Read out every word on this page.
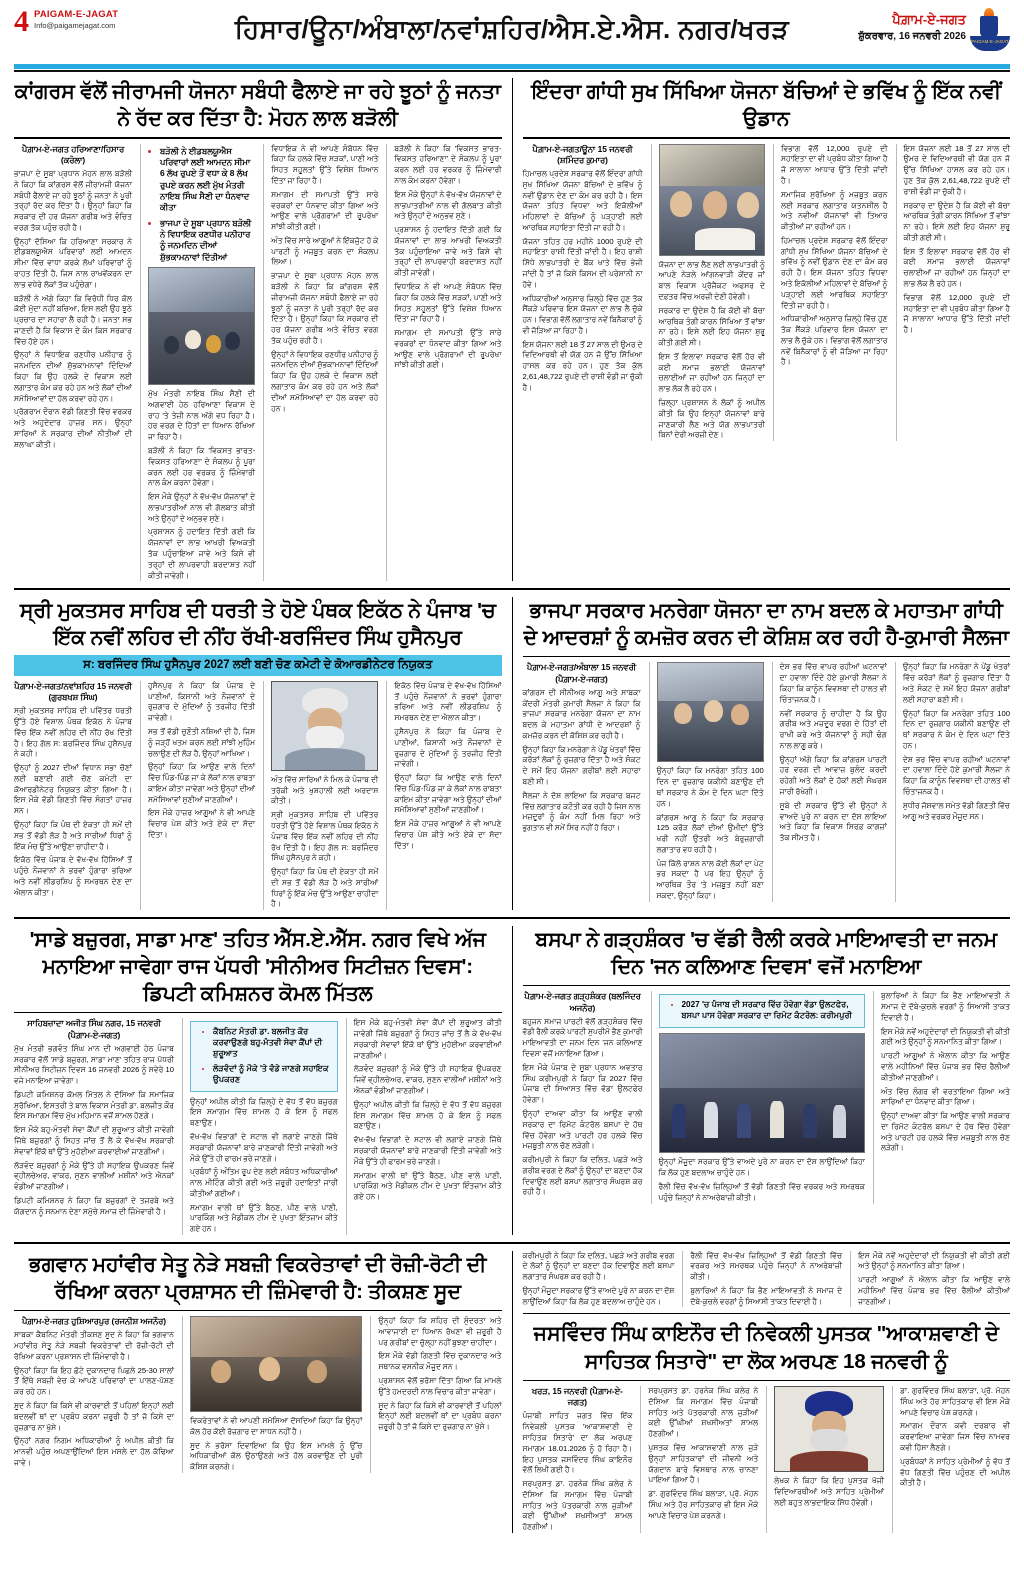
4 PAIGAM-E-JAGAT
Info@paigamejagat.com	ਹਿਸਾਰ/ਊਨਾ/ਅੰਬਾਲਾ/ਨਵਾਂਸ਼ਹਿਰ/ਐਸ.ਏ.ਐਸ. ਨਗਰ/ਖਰੜ	ਪੈਗ਼ਾਮ-ਏ-ਜਗਤ
ਸ਼ੁੱਕਰਵਾਰ, 16 ਜਨਵਰੀ 2026 PAIGAM-E-JAGAT
ਕਾਂਗਰਸ ਵੱਲੋਂ ਜੀਰਾਮਜੀ ਯੋਜਨਾ ਸਬੰਧੀ ਫੈਲਾਏ ਜਾ ਰਹੇ ਝੂਠਾਂ ਨੂੰ ਜਨਤਾ ਨੇ ਰੱਦ ਕਰ ਦਿੱਤਾ ਹੈ: ਮੋਹਨ ਲਾਲ ਬੜੋਲੀ
ਪੈਗ਼ਾਮ-ਏ-ਜਗਤ ਹਰਿਆਣਾ/ਹਿਸਾਰ (ਕਰੋਲਾ)
ਭਾਜਪਾ ਦੇ ਸੂਬਾ ਪ੍ਰਧਾਨ ਮੋਹਨ ਲਾਲ ਬੜੋਲੀ ਨੇ ਕਿਹਾ ਕਿ ਕਾਂਗਰਸ ਵੱਲੋਂ ਜੀਰਾਮਜੀ ਯੋਜਨਾ ਸਬੰਧੀ ਫੈਲਾਏ ਜਾ ਰਹੇ ਝੂਠਾਂ ਨੂੰ ਜਨਤਾ ਨੇ ਪੂਰੀ ਤਰ੍ਹਾਂ ਰੱਦ ਕਰ ਦਿੱਤਾ ਹੈ। ਉਨ੍ਹਾਂ ਕਿਹਾ ਕਿ ਸਰਕਾਰ ਦੀ ਹਰ ਯੋਜਨਾ ਗਰੀਬ ਅਤੇ ਵੰਚਿਤ ਵਰਗ ਤੱਕ ਪਹੁੰਚ ਰਹੀ ਹੈ।
ਉਨ੍ਹਾਂ ਦੱਸਿਆ ਕਿ ਹਰਿਆਣਾ ਸਰਕਾਰ ਨੇ ਈਡਬਲਯੂਐਸ ਪਰਿਵਾਰਾਂ ਲਈ ਆਮਦਨ ਸੀਮਾ ਵਿੱਚ ਵਾਧਾ ਕਰਕੇ ਲੱਖਾਂ ਪਰਿਵਾਰਾਂ ਨੂੰ ਰਾਹਤ ਦਿੱਤੀ ਹੈ, ਜਿਸ ਨਾਲ ਰਾਖਵੇਂਕਰਨ ਦਾ ਲਾਭ ਵਧੇਰੇ ਲੋਕਾਂ ਤੱਕ ਪਹੁੰਚੇਗਾ।
ਬੜੋਲੀ ਨੇ ਅੱਗੇ ਕਿਹਾ ਕਿ ਵਿਰੋਧੀ ਧਿਰ ਕੋਲ ਕੋਈ ਮੁੱਦਾ ਨਹੀਂ ਬਚਿਆ, ਇਸ ਲਈ ਉਹ ਝੂਠੇ ਪ੍ਰਚਾਰ ਦਾ ਸਹਾਰਾ ਲੈ ਰਹੀ ਹੈ। ਜਨਤਾ ਸਭ ਜਾਣਦੀ ਹੈ ਕਿ ਵਿਕਾਸ ਦੇ ਕੰਮ ਕਿਸ ਸਰਕਾਰ ਵਿੱਚ ਹੋਏ ਹਨ।
ਉਨ੍ਹਾਂ ਨੇ ਵਿਧਾਇਕ ਰਣਧੀਰ ਪਨੀਹਾਰ ਨੂੰ ਜਨਮਦਿਨ ਦੀਆਂ ਸ਼ੁੱਭਕਾਮਨਾਵਾਂ ਦਿੰਦਿਆਂ ਕਿਹਾ ਕਿ ਉਹ ਹਲਕੇ ਦੇ ਵਿਕਾਸ ਲਈ ਲਗਾਤਾਰ ਕੰਮ ਕਰ ਰਹੇ ਹਨ ਅਤੇ ਲੋਕਾਂ ਦੀਆਂ ਸਮੱਸਿਆਵਾਂ ਦਾ ਹੱਲ ਕਰਵਾ ਰਹੇ ਹਨ।
ਪ੍ਰੋਗਰਾਮ ਦੌਰਾਨ ਵੱਡੀ ਗਿਣਤੀ ਵਿੱਚ ਵਰਕਰ ਅਤੇ ਅਹੁਦੇਦਾਰ ਹਾਜ਼ਰ ਸਨ। ਉਨ੍ਹਾਂ ਸਾਰਿਆਂ ਨੇ ਸਰਕਾਰ ਦੀਆਂ ਨੀਤੀਆਂ ਦੀ ਸ਼ਲਾਘਾ ਕੀਤੀ।
• ਬੜੋਲੀ ਨੇ ਈਡਬਲਯੂਐਸ ਪਰਿਵਾਰਾਂ ਲਈ ਆਮਦਨ ਸੀਮਾ 6 ਲੱਖ ਰੁਪਏ ਤੋਂ ਵਧਾ ਕੇ 8 ਲੱਖ ਰੁਪਏ ਕਰਨ ਲਈ ਮੁੱਖ ਮੰਤਰੀ ਨਾਇਬ ਸਿੰਘ ਸੈਣੀ ਦਾ ਧੰਨਵਾਦ ਕੀਤਾ
• ਭਾਜਪਾ ਦੇ ਸੂਬਾ ਪ੍ਰਧਾਨ ਬੜੋਲੀ ਨੇ ਵਿਧਾਇਕ ਰਣਧੀਰ ਪਨੀਹਾਰ ਨੂੰ ਜਨਮਦਿਨ ਦੀਆਂ ਸ਼ੁੱਭਕਾਮਨਾਵਾਂ ਦਿੱਤੀਆਂ
ਮੁੱਖ ਮੰਤਰੀ ਨਾਇਬ ਸਿੰਘ ਸੈਣੀ ਦੀ ਅਗਵਾਈ ਹੇਠ ਹਰਿਆਣਾ ਵਿਕਾਸ ਦੇ ਰਾਹ 'ਤੇ ਤੇਜ਼ੀ ਨਾਲ ਅੱਗੇ ਵਧ ਰਿਹਾ ਹੈ। ਹਰ ਵਰਗ ਦੇ ਹਿੱਤਾਂ ਦਾ ਧਿਆਨ ਰੱਖਿਆ ਜਾ ਰਿਹਾ ਹੈ।
ਬੜੋਲੀ ਨੇ ਕਿਹਾ ਕਿ 'ਵਿਕਸਤ ਭਾਰਤ-ਵਿਕਸਤ ਹਰਿਆਣਾ' ਦੇ ਸੰਕਲਪ ਨੂੰ ਪੂਰਾ ਕਰਨ ਲਈ ਹਰ ਵਰਕਰ ਨੂੰ ਜ਼ਿੰਮੇਵਾਰੀ ਨਾਲ ਕੰਮ ਕਰਨਾ ਹੋਵੇਗਾ।
ਇਸ ਮੌਕੇ ਉਨ੍ਹਾਂ ਨੇ ਵੱਖ-ਵੱਖ ਯੋਜਨਾਵਾਂ ਦੇ ਲਾਭਪਾਤਰੀਆਂ ਨਾਲ ਵੀ ਗੱਲਬਾਤ ਕੀਤੀ ਅਤੇ ਉਨ੍ਹਾਂ ਦੇ ਅਨੁਭਵ ਸੁਣੇ।
ਪ੍ਰਸ਼ਾਸਨ ਨੂੰ ਹਦਾਇਤ ਦਿੱਤੀ ਗਈ ਕਿ ਯੋਜਨਾਵਾਂ ਦਾ ਲਾਭ ਆਖਰੀ ਵਿਅਕਤੀ ਤੱਕ ਪਹੁੰਚਾਇਆ ਜਾਵੇ ਅਤੇ ਕਿਸੇ ਵੀ ਤਰ੍ਹਾਂ ਦੀ ਲਾਪਰਵਾਹੀ ਬਰਦਾਸ਼ਤ ਨਹੀਂ ਕੀਤੀ ਜਾਵੇਗੀ।
ਵਿਧਾਇਕ ਨੇ ਵੀ ਆਪਣੇ ਸੰਬੋਧਨ ਵਿੱਚ ਕਿਹਾ ਕਿ ਹਲਕੇ ਵਿੱਚ ਸੜਕਾਂ, ਪਾਣੀ ਅਤੇ ਸਿਹਤ ਸਹੂਲਤਾਂ ਉੱਤੇ ਵਿਸ਼ੇਸ਼ ਧਿਆਨ ਦਿੱਤਾ ਜਾ ਰਿਹਾ ਹੈ।
ਸਮਾਗਮ ਦੀ ਸਮਾਪਤੀ ਉੱਤੇ ਸਾਰੇ ਵਰਕਰਾਂ ਦਾ ਧੰਨਵਾਦ ਕੀਤਾ ਗਿਆ ਅਤੇ ਆਉਣ ਵਾਲੇ ਪ੍ਰੋਗਰਾਮਾਂ ਦੀ ਰੂਪਰੇਖਾ ਸਾਂਝੀ ਕੀਤੀ ਗਈ।
ਅੰਤ ਵਿੱਚ ਸਾਰੇ ਆਗੂਆਂ ਨੇ ਇੱਕਜੁੱਟ ਹੋ ਕੇ ਪਾਰਟੀ ਨੂੰ ਮਜ਼ਬੂਤ ਕਰਨ ਦਾ ਸੰਕਲਪ ਲਿਆ।
ਭਾਜਪਾ ਦੇ ਸੂਬਾ ਪ੍ਰਧਾਨ ਮੋਹਨ ਲਾਲ ਬੜੋਲੀ ਨੇ ਕਿਹਾ ਕਿ ਕਾਂਗਰਸ ਵੱਲੋਂ ਜੀਰਾਮਜੀ ਯੋਜਨਾ ਸਬੰਧੀ ਫੈਲਾਏ ਜਾ ਰਹੇ ਝੂਠਾਂ ਨੂੰ ਜਨਤਾ ਨੇ ਪੂਰੀ ਤਰ੍ਹਾਂ ਰੱਦ ਕਰ ਦਿੱਤਾ ਹੈ। ਉਨ੍ਹਾਂ ਕਿਹਾ ਕਿ ਸਰਕਾਰ ਦੀ ਹਰ ਯੋਜਨਾ ਗਰੀਬ ਅਤੇ ਵੰਚਿਤ ਵਰਗ ਤੱਕ ਪਹੁੰਚ ਰਹੀ ਹੈ।
ਉਨ੍ਹਾਂ ਨੇ ਵਿਧਾਇਕ ਰਣਧੀਰ ਪਨੀਹਾਰ ਨੂੰ ਜਨਮਦਿਨ ਦੀਆਂ ਸ਼ੁੱਭਕਾਮਨਾਵਾਂ ਦਿੰਦਿਆਂ ਕਿਹਾ ਕਿ ਉਹ ਹਲਕੇ ਦੇ ਵਿਕਾਸ ਲਈ ਲਗਾਤਾਰ ਕੰਮ ਕਰ ਰਹੇ ਹਨ ਅਤੇ ਲੋਕਾਂ ਦੀਆਂ ਸਮੱਸਿਆਵਾਂ ਦਾ ਹੱਲ ਕਰਵਾ ਰਹੇ ਹਨ।
ਬੜੋਲੀ ਨੇ ਕਿਹਾ ਕਿ 'ਵਿਕਸਤ ਭਾਰਤ-ਵਿਕਸਤ ਹਰਿਆਣਾ' ਦੇ ਸੰਕਲਪ ਨੂੰ ਪੂਰਾ ਕਰਨ ਲਈ ਹਰ ਵਰਕਰ ਨੂੰ ਜ਼ਿੰਮੇਵਾਰੀ ਨਾਲ ਕੰਮ ਕਰਨਾ ਹੋਵੇਗਾ।
ਇਸ ਮੌਕੇ ਉਨ੍ਹਾਂ ਨੇ ਵੱਖ-ਵੱਖ ਯੋਜਨਾਵਾਂ ਦੇ ਲਾਭਪਾਤਰੀਆਂ ਨਾਲ ਵੀ ਗੱਲਬਾਤ ਕੀਤੀ ਅਤੇ ਉਨ੍ਹਾਂ ਦੇ ਅਨੁਭਵ ਸੁਣੇ।
ਪ੍ਰਸ਼ਾਸਨ ਨੂੰ ਹਦਾਇਤ ਦਿੱਤੀ ਗਈ ਕਿ ਯੋਜਨਾਵਾਂ ਦਾ ਲਾਭ ਆਖਰੀ ਵਿਅਕਤੀ ਤੱਕ ਪਹੁੰਚਾਇਆ ਜਾਵੇ ਅਤੇ ਕਿਸੇ ਵੀ ਤਰ੍ਹਾਂ ਦੀ ਲਾਪਰਵਾਹੀ ਬਰਦਾਸ਼ਤ ਨਹੀਂ ਕੀਤੀ ਜਾਵੇਗੀ।
ਵਿਧਾਇਕ ਨੇ ਵੀ ਆਪਣੇ ਸੰਬੋਧਨ ਵਿੱਚ ਕਿਹਾ ਕਿ ਹਲਕੇ ਵਿੱਚ ਸੜਕਾਂ, ਪਾਣੀ ਅਤੇ ਸਿਹਤ ਸਹੂਲਤਾਂ ਉੱਤੇ ਵਿਸ਼ੇਸ਼ ਧਿਆਨ ਦਿੱਤਾ ਜਾ ਰਿਹਾ ਹੈ।
ਸਮਾਗਮ ਦੀ ਸਮਾਪਤੀ ਉੱਤੇ ਸਾਰੇ ਵਰਕਰਾਂ ਦਾ ਧੰਨਵਾਦ ਕੀਤਾ ਗਿਆ ਅਤੇ ਆਉਣ ਵਾਲੇ ਪ੍ਰੋਗਰਾਮਾਂ ਦੀ ਰੂਪਰੇਖਾ ਸਾਂਝੀ ਕੀਤੀ ਗਈ।
ਇੰਦਰਾ ਗਾਂਧੀ ਸੁਖ ਸਿੱਖਿਆ ਯੋਜਨਾ ਬੱਚਿਆਂ ਦੇ ਭਵਿੱਖ ਨੂੰ ਇੱਕ ਨਵੀਂ ਉਡਾਨ
ਪੈਗ਼ਾਮ-ਏ-ਜਗਤ/ਊਨਾ 15 ਜਨਵਰੀ (ਸ਼ਮਿੰਦਰ ਕੁਮਾਰ)
ਹਿਮਾਚਲ ਪ੍ਰਦੇਸ਼ ਸਰਕਾਰ ਵੱਲੋਂ ਇੰਦਰਾ ਗਾਂਧੀ ਸੁਖ ਸਿੱਖਿਆ ਯੋਜਨਾ ਬੱਚਿਆਂ ਦੇ ਭਵਿੱਖ ਨੂੰ ਨਵੀਂ ਉਡਾਨ ਦੇਣ ਦਾ ਕੰਮ ਕਰ ਰਹੀ ਹੈ। ਇਸ ਯੋਜਨਾ ਤਹਿਤ ਵਿਧਵਾ ਅਤੇ ਇਕੱਲੀਆਂ ਮਹਿਲਾਵਾਂ ਦੇ ਬੱਚਿਆਂ ਨੂੰ ਪੜ੍ਹਾਈ ਲਈ ਆਰਥਿਕ ਸਹਾਇਤਾ ਦਿੱਤੀ ਜਾ ਰਹੀ ਹੈ।
ਯੋਜਨਾ ਤਹਿਤ ਹਰ ਮਹੀਨੇ 1000 ਰੁਪਏ ਦੀ ਸਹਾਇਤਾ ਰਾਸ਼ੀ ਦਿੱਤੀ ਜਾਂਦੀ ਹੈ। ਇਹ ਰਾਸ਼ੀ ਸਿੱਧੇ ਲਾਭਪਾਤਰੀ ਦੇ ਬੈਂਕ ਖਾਤੇ ਵਿੱਚ ਭੇਜੀ ਜਾਂਦੀ ਹੈ ਤਾਂ ਜੋ ਕਿਸੇ ਕਿਸਮ ਦੀ ਪਰੇਸ਼ਾਨੀ ਨਾ ਹੋਵੇ।
ਅਧਿਕਾਰੀਆਂ ਅਨੁਸਾਰ ਜ਼ਿਲ੍ਹੇ ਵਿੱਚ ਹੁਣ ਤੱਕ ਸੈਂਕੜੇ ਪਰਿਵਾਰ ਇਸ ਯੋਜਨਾ ਦਾ ਲਾਭ ਲੈ ਚੁੱਕੇ ਹਨ। ਵਿਭਾਗ ਵੱਲੋਂ ਲਗਾਤਾਰ ਨਵੇਂ ਬਿਨੈਕਾਰਾਂ ਨੂੰ ਵੀ ਜੋੜਿਆ ਜਾ ਰਿਹਾ ਹੈ।
ਇਸ ਯੋਜਨਾ ਲਈ 18 ਤੋਂ 27 ਸਾਲ ਦੀ ਉਮਰ ਦੇ ਵਿਦਿਆਰਥੀ ਵੀ ਯੋਗ ਹਨ ਜੋ ਉੱਚ ਸਿੱਖਿਆ ਹਾਸਲ ਕਰ ਰਹੇ ਹਨ। ਹੁਣ ਤੱਕ ਕੁੱਲ 2,61,48,722 ਰੁਪਏ ਦੀ ਰਾਸ਼ੀ ਵੰਡੀ ਜਾ ਚੁੱਕੀ ਹੈ।
ਯੋਜਨਾ ਦਾ ਲਾਭ ਲੈਣ ਲਈ ਲਾਭਪਾਤਰੀ ਨੂੰ ਆਪਣੇ ਨੇੜਲੇ ਆਂਗਨਵਾੜੀ ਕੇਂਦਰ ਜਾਂ ਬਾਲ ਵਿਕਾਸ ਪ੍ਰੋਜੈਕਟ ਅਫਸਰ ਦੇ ਦਫ਼ਤਰ ਵਿੱਚ ਅਰਜ਼ੀ ਦੇਣੀ ਹੋਵੇਗੀ।
ਸਰਕਾਰ ਦਾ ਉਦੇਸ਼ ਹੈ ਕਿ ਕੋਈ ਵੀ ਬੱਚਾ ਆਰਥਿਕ ਤੰਗੀ ਕਾਰਨ ਸਿੱਖਿਆ ਤੋਂ ਵਾਂਝਾ ਨਾ ਰਹੇ। ਇਸੇ ਲਈ ਇਹ ਯੋਜਨਾ ਸ਼ੁਰੂ ਕੀਤੀ ਗਈ ਸੀ।
ਇਸ ਤੋਂ ਇਲਾਵਾ ਸਰਕਾਰ ਵੱਲੋਂ ਹੋਰ ਵੀ ਕਈ ਸਮਾਜ ਭਲਾਈ ਯੋਜਨਾਵਾਂ ਚਲਾਈਆਂ ਜਾ ਰਹੀਆਂ ਹਨ ਜਿਨ੍ਹਾਂ ਦਾ ਲਾਭ ਲੋਕ ਲੈ ਰਹੇ ਹਨ।
ਜ਼ਿਲ੍ਹਾ ਪ੍ਰਸ਼ਾਸਨ ਨੇ ਲੋਕਾਂ ਨੂੰ ਅਪੀਲ ਕੀਤੀ ਕਿ ਉਹ ਇਨ੍ਹਾਂ ਯੋਜਨਾਵਾਂ ਬਾਰੇ ਜਾਣਕਾਰੀ ਲੈਣ ਅਤੇ ਯੋਗ ਲਾਭਪਾਤਰੀ ਬਿਨਾਂ ਦੇਰੀ ਅਰਜ਼ੀ ਦੇਣ।
ਵਿਭਾਗ ਵੱਲੋਂ 12,000 ਰੁਪਏ ਦੀ ਸਹਾਇਤਾ ਦਾ ਵੀ ਪ੍ਰਬੰਧ ਕੀਤਾ ਗਿਆ ਹੈ ਜੋ ਸਾਲਾਨਾ ਆਧਾਰ ਉੱਤੇ ਦਿੱਤੀ ਜਾਂਦੀ ਹੈ।
ਸਮਾਜਿਕ ਸੁਰੱਖਿਆ ਨੂੰ ਮਜ਼ਬੂਤ ਕਰਨ ਲਈ ਸਰਕਾਰ ਲਗਾਤਾਰ ਯਤਨਸ਼ੀਲ ਹੈ ਅਤੇ ਨਵੀਆਂ ਯੋਜਨਾਵਾਂ ਵੀ ਤਿਆਰ ਕੀਤੀਆਂ ਜਾ ਰਹੀਆਂ ਹਨ।
ਹਿਮਾਚਲ ਪ੍ਰਦੇਸ਼ ਸਰਕਾਰ ਵੱਲੋਂ ਇੰਦਰਾ ਗਾਂਧੀ ਸੁਖ ਸਿੱਖਿਆ ਯੋਜਨਾ ਬੱਚਿਆਂ ਦੇ ਭਵਿੱਖ ਨੂੰ ਨਵੀਂ ਉਡਾਨ ਦੇਣ ਦਾ ਕੰਮ ਕਰ ਰਹੀ ਹੈ। ਇਸ ਯੋਜਨਾ ਤਹਿਤ ਵਿਧਵਾ ਅਤੇ ਇਕੱਲੀਆਂ ਮਹਿਲਾਵਾਂ ਦੇ ਬੱਚਿਆਂ ਨੂੰ ਪੜ੍ਹਾਈ ਲਈ ਆਰਥਿਕ ਸਹਾਇਤਾ ਦਿੱਤੀ ਜਾ ਰਹੀ ਹੈ।
ਅਧਿਕਾਰੀਆਂ ਅਨੁਸਾਰ ਜ਼ਿਲ੍ਹੇ ਵਿੱਚ ਹੁਣ ਤੱਕ ਸੈਂਕੜੇ ਪਰਿਵਾਰ ਇਸ ਯੋਜਨਾ ਦਾ ਲਾਭ ਲੈ ਚੁੱਕੇ ਹਨ। ਵਿਭਾਗ ਵੱਲੋਂ ਲਗਾਤਾਰ ਨਵੇਂ ਬਿਨੈਕਾਰਾਂ ਨੂੰ ਵੀ ਜੋੜਿਆ ਜਾ ਰਿਹਾ ਹੈ।
ਇਸ ਯੋਜਨਾ ਲਈ 18 ਤੋਂ 27 ਸਾਲ ਦੀ ਉਮਰ ਦੇ ਵਿਦਿਆਰਥੀ ਵੀ ਯੋਗ ਹਨ ਜੋ ਉੱਚ ਸਿੱਖਿਆ ਹਾਸਲ ਕਰ ਰਹੇ ਹਨ। ਹੁਣ ਤੱਕ ਕੁੱਲ 2,61,48,722 ਰੁਪਏ ਦੀ ਰਾਸ਼ੀ ਵੰਡੀ ਜਾ ਚੁੱਕੀ ਹੈ।
ਸਰਕਾਰ ਦਾ ਉਦੇਸ਼ ਹੈ ਕਿ ਕੋਈ ਵੀ ਬੱਚਾ ਆਰਥਿਕ ਤੰਗੀ ਕਾਰਨ ਸਿੱਖਿਆ ਤੋਂ ਵਾਂਝਾ ਨਾ ਰਹੇ। ਇਸੇ ਲਈ ਇਹ ਯੋਜਨਾ ਸ਼ੁਰੂ ਕੀਤੀ ਗਈ ਸੀ।
ਇਸ ਤੋਂ ਇਲਾਵਾ ਸਰਕਾਰ ਵੱਲੋਂ ਹੋਰ ਵੀ ਕਈ ਸਮਾਜ ਭਲਾਈ ਯੋਜਨਾਵਾਂ ਚਲਾਈਆਂ ਜਾ ਰਹੀਆਂ ਹਨ ਜਿਨ੍ਹਾਂ ਦਾ ਲਾਭ ਲੋਕ ਲੈ ਰਹੇ ਹਨ।
ਵਿਭਾਗ ਵੱਲੋਂ 12,000 ਰੁਪਏ ਦੀ ਸਹਾਇਤਾ ਦਾ ਵੀ ਪ੍ਰਬੰਧ ਕੀਤਾ ਗਿਆ ਹੈ ਜੋ ਸਾਲਾਨਾ ਆਧਾਰ ਉੱਤੇ ਦਿੱਤੀ ਜਾਂਦੀ ਹੈ।
ਸ੍ਰੀ ਮੁਕਤਸਰ ਸਾਹਿਬ ਦੀ ਧਰਤੀ ਤੇ ਹੋਏ ਪੰਥਕ ਇਕੱਠ ਨੇ ਪੰਜਾਬ 'ਚ ਇੱਕ ਨਵੀਂ ਲਹਿਰ ਦੀ ਨੀਂਹ ਰੱਖੀ-ਬਰਜਿੰਦਰ ਸਿੰਘ ਹੁਸੈਨਪੁਰ
ਸ: ਬਰਜਿੰਦਰ ਸਿੰਘ ਹੁਸੈਨਪੁਰ 2027 ਲਈ ਬਣੀ ਚੋਣ ਕਮੇਟੀ ਦੇ ਕੋਆਰਡੀਨੇਟਰ ਨਿਯੁਕਤ
ਪੈਗ਼ਾਮ-ਏ-ਜਗਤ/ਨਵਾਂਸ਼ਹਿਰ 15 ਜਨਵਰੀ (ਗੁਰਬਖਸ਼ ਸਿੰਘ)
ਸ੍ਰੀ ਮੁਕਤਸਰ ਸਾਹਿਬ ਦੀ ਪਵਿੱਤਰ ਧਰਤੀ ਉੱਤੇ ਹੋਏ ਵਿਸ਼ਾਲ ਪੰਥਕ ਇਕੱਠ ਨੇ ਪੰਜਾਬ ਵਿੱਚ ਇੱਕ ਨਵੀਂ ਲਹਿਰ ਦੀ ਨੀਂਹ ਰੱਖ ਦਿੱਤੀ ਹੈ। ਇਹ ਗੱਲ ਸ: ਬਰਜਿੰਦਰ ਸਿੰਘ ਹੁਸੈਨਪੁਰ ਨੇ ਕਹੀ।
ਉਨ੍ਹਾਂ ਨੂੰ 2027 ਦੀਆਂ ਵਿਧਾਨ ਸਭਾ ਚੋਣਾਂ ਲਈ ਬਣਾਈ ਗਈ ਚੋਣ ਕਮੇਟੀ ਦਾ ਕੋਆਰਡੀਨੇਟਰ ਨਿਯੁਕਤ ਕੀਤਾ ਗਿਆ ਹੈ। ਇਸ ਮੌਕੇ ਵੱਡੀ ਗਿਣਤੀ ਵਿੱਚ ਸੰਗਤਾਂ ਹਾਜ਼ਰ ਸਨ।
ਉਨ੍ਹਾਂ ਕਿਹਾ ਕਿ ਪੰਥ ਦੀ ਏਕਤਾ ਹੀ ਸਮੇਂ ਦੀ ਸਭ ਤੋਂ ਵੱਡੀ ਲੋੜ ਹੈ ਅਤੇ ਸਾਰੀਆਂ ਧਿਰਾਂ ਨੂੰ ਇੱਕ ਮੰਚ ਉੱਤੇ ਆਉਣਾ ਚਾਹੀਦਾ ਹੈ।
ਇਕੱਠ ਵਿੱਚ ਪੰਜਾਬ ਦੇ ਵੱਖ-ਵੱਖ ਹਿੱਸਿਆਂ ਤੋਂ ਪਹੁੰਚੇ ਨੌਜਵਾਨਾਂ ਨੇ ਭਰਵਾਂ ਹੁੰਗਾਰਾ ਭਰਿਆ ਅਤੇ ਨਵੀਂ ਲੀਡਰਸ਼ਿਪ ਨੂੰ ਸਮਰਥਨ ਦੇਣ ਦਾ ਐਲਾਨ ਕੀਤਾ।
ਹੁਸੈਨਪੁਰ ਨੇ ਕਿਹਾ ਕਿ ਪੰਜਾਬ ਦੇ ਪਾਣੀਆਂ, ਕਿਸਾਨੀ ਅਤੇ ਨੌਜਵਾਨਾਂ ਦੇ ਰੁਜ਼ਗਾਰ ਦੇ ਮੁੱਦਿਆਂ ਨੂੰ ਤਰਜੀਹ ਦਿੱਤੀ ਜਾਵੇਗੀ।
ਸਭ ਤੋਂ ਵੱਡੀ ਚੁਣੌਤੀ ਨਸ਼ਿਆਂ ਦੀ ਹੈ, ਜਿਸ ਨੂੰ ਜੜ੍ਹੋਂ ਖਤਮ ਕਰਨ ਲਈ ਸਾਂਝੀ ਮੁਹਿੰਮ ਚਲਾਉਣ ਦੀ ਲੋੜ ਹੈ, ਉਨ੍ਹਾਂ ਆਖਿਆ।
ਉਨ੍ਹਾਂ ਕਿਹਾ ਕਿ ਆਉਣ ਵਾਲੇ ਦਿਨਾਂ ਵਿੱਚ ਪਿੰਡ-ਪਿੰਡ ਜਾ ਕੇ ਲੋਕਾਂ ਨਾਲ ਰਾਬਤਾ ਕਾਇਮ ਕੀਤਾ ਜਾਵੇਗਾ ਅਤੇ ਉਨ੍ਹਾਂ ਦੀਆਂ ਸਮੱਸਿਆਵਾਂ ਸੁਣੀਆਂ ਜਾਣਗੀਆਂ।
ਇਸ ਮੌਕੇ ਹਾਜ਼ਰ ਆਗੂਆਂ ਨੇ ਵੀ ਆਪਣੇ ਵਿਚਾਰ ਪੇਸ਼ ਕੀਤੇ ਅਤੇ ਏਕੇ ਦਾ ਸੱਦਾ ਦਿੱਤਾ।
ਅੰਤ ਵਿੱਚ ਸਾਰਿਆਂ ਨੇ ਮਿਲ ਕੇ ਪੰਜਾਬ ਦੀ ਤਰੱਕੀ ਅਤੇ ਖੁਸ਼ਹਾਲੀ ਲਈ ਅਰਦਾਸ ਕੀਤੀ।
ਸ੍ਰੀ ਮੁਕਤਸਰ ਸਾਹਿਬ ਦੀ ਪਵਿੱਤਰ ਧਰਤੀ ਉੱਤੇ ਹੋਏ ਵਿਸ਼ਾਲ ਪੰਥਕ ਇਕੱਠ ਨੇ ਪੰਜਾਬ ਵਿੱਚ ਇੱਕ ਨਵੀਂ ਲਹਿਰ ਦੀ ਨੀਂਹ ਰੱਖ ਦਿੱਤੀ ਹੈ। ਇਹ ਗੱਲ ਸ: ਬਰਜਿੰਦਰ ਸਿੰਘ ਹੁਸੈਨਪੁਰ ਨੇ ਕਹੀ।
ਉਨ੍ਹਾਂ ਕਿਹਾ ਕਿ ਪੰਥ ਦੀ ਏਕਤਾ ਹੀ ਸਮੇਂ ਦੀ ਸਭ ਤੋਂ ਵੱਡੀ ਲੋੜ ਹੈ ਅਤੇ ਸਾਰੀਆਂ ਧਿਰਾਂ ਨੂੰ ਇੱਕ ਮੰਚ ਉੱਤੇ ਆਉਣਾ ਚਾਹੀਦਾ ਹੈ।
ਇਕੱਠ ਵਿੱਚ ਪੰਜਾਬ ਦੇ ਵੱਖ-ਵੱਖ ਹਿੱਸਿਆਂ ਤੋਂ ਪਹੁੰਚੇ ਨੌਜਵਾਨਾਂ ਨੇ ਭਰਵਾਂ ਹੁੰਗਾਰਾ ਭਰਿਆ ਅਤੇ ਨਵੀਂ ਲੀਡਰਸ਼ਿਪ ਨੂੰ ਸਮਰਥਨ ਦੇਣ ਦਾ ਐਲਾਨ ਕੀਤਾ।
ਹੁਸੈਨਪੁਰ ਨੇ ਕਿਹਾ ਕਿ ਪੰਜਾਬ ਦੇ ਪਾਣੀਆਂ, ਕਿਸਾਨੀ ਅਤੇ ਨੌਜਵਾਨਾਂ ਦੇ ਰੁਜ਼ਗਾਰ ਦੇ ਮੁੱਦਿਆਂ ਨੂੰ ਤਰਜੀਹ ਦਿੱਤੀ ਜਾਵੇਗੀ।
ਉਨ੍ਹਾਂ ਕਿਹਾ ਕਿ ਆਉਣ ਵਾਲੇ ਦਿਨਾਂ ਵਿੱਚ ਪਿੰਡ-ਪਿੰਡ ਜਾ ਕੇ ਲੋਕਾਂ ਨਾਲ ਰਾਬਤਾ ਕਾਇਮ ਕੀਤਾ ਜਾਵੇਗਾ ਅਤੇ ਉਨ੍ਹਾਂ ਦੀਆਂ ਸਮੱਸਿਆਵਾਂ ਸੁਣੀਆਂ ਜਾਣਗੀਆਂ।
ਇਸ ਮੌਕੇ ਹਾਜ਼ਰ ਆਗੂਆਂ ਨੇ ਵੀ ਆਪਣੇ ਵਿਚਾਰ ਪੇਸ਼ ਕੀਤੇ ਅਤੇ ਏਕੇ ਦਾ ਸੱਦਾ ਦਿੱਤਾ।
ਭਾਜਪਾ ਸਰਕਾਰ ਮਨਰੇਗਾ ਯੋਜਨਾ ਦਾ ਨਾਮ ਬਦਲ ਕੇ ਮਹਾਤਮਾ ਗਾਂਧੀ ਦੇ ਆਦਰਸ਼ਾਂ ਨੂੰ ਕਮਜ਼ੋਰ ਕਰਨ ਦੀ ਕੋਸ਼ਿਸ਼ ਕਰ ਰਹੀ ਹੈ-ਕੁਮਾਰੀ ਸੈਲਜਾ
ਪੈਗ਼ਾਮ-ਏ-ਜਗਤ/ਅੰਬਾਲਾ 15 ਜਨਵਰੀ (ਪੈਗ਼ਾਮ-ਏ-ਜਗਤ)
ਕਾਂਗਰਸ ਦੀ ਸੀਨੀਅਰ ਆਗੂ ਅਤੇ ਸਾਬਕਾ ਕੇਂਦਰੀ ਮੰਤਰੀ ਕੁਮਾਰੀ ਸੈਲਜਾ ਨੇ ਕਿਹਾ ਕਿ ਭਾਜਪਾ ਸਰਕਾਰ ਮਨਰੇਗਾ ਯੋਜਨਾ ਦਾ ਨਾਮ ਬਦਲ ਕੇ ਮਹਾਤਮਾ ਗਾਂਧੀ ਦੇ ਆਦਰਸ਼ਾਂ ਨੂੰ ਕਮਜ਼ੋਰ ਕਰਨ ਦੀ ਕੋਸ਼ਿਸ਼ ਕਰ ਰਹੀ ਹੈ।
ਉਨ੍ਹਾਂ ਕਿਹਾ ਕਿ ਮਨਰੇਗਾ ਨੇ ਪੇਂਡੂ ਖੇਤਰਾਂ ਵਿੱਚ ਕਰੋੜਾਂ ਲੋਕਾਂ ਨੂੰ ਰੁਜ਼ਗਾਰ ਦਿੱਤਾ ਹੈ ਅਤੇ ਸੰਕਟ ਦੇ ਸਮੇਂ ਇਹ ਯੋਜਨਾ ਗਰੀਬਾਂ ਲਈ ਸਹਾਰਾ ਬਣੀ ਸੀ।
ਸੈਲਜਾ ਨੇ ਦੋਸ਼ ਲਾਇਆ ਕਿ ਸਰਕਾਰ ਬਜਟ ਵਿੱਚ ਲਗਾਤਾਰ ਕਟੌਤੀ ਕਰ ਰਹੀ ਹੈ ਜਿਸ ਨਾਲ ਮਜ਼ਦੂਰਾਂ ਨੂੰ ਕੰਮ ਨਹੀਂ ਮਿਲ ਰਿਹਾ ਅਤੇ ਭੁਗਤਾਨ ਵੀ ਸਮੇਂ ਸਿਰ ਨਹੀਂ ਹੋ ਰਿਹਾ।
ਉਨ੍ਹਾਂ ਕਿਹਾ ਕਿ ਮਨਰੇਗਾ ਤਹਿਤ 100 ਦਿਨ ਦਾ ਰੁਜ਼ਗਾਰ ਯਕੀਨੀ ਬਣਾਉਣ ਦੀ ਥਾਂ ਸਰਕਾਰ ਨੇ ਕੰਮ ਦੇ ਦਿਨ ਘਟਾ ਦਿੱਤੇ ਹਨ।
ਕਾਂਗਰਸ ਆਗੂ ਨੇ ਕਿਹਾ ਕਿ ਸਰਕਾਰ 125 ਕਰੋੜ ਲੋਕਾਂ ਦੀਆਂ ਉਮੀਦਾਂ ਉੱਤੇ ਖਰੀ ਨਹੀਂ ਉਤਰੀ ਅਤੇ ਬੇਰੁਜ਼ਗਾਰੀ ਲਗਾਤਾਰ ਵਧ ਰਹੀ ਹੈ।
ਪੰਜ ਕਿੱਲੋ ਰਾਸ਼ਨ ਨਾਲ ਕੋਈ ਲੋਕਾਂ ਦਾ ਪੇਟ ਭਰ ਸਕਦਾ ਹੈ ਪਰ ਇਹ ਉਨ੍ਹਾਂ ਨੂੰ ਆਰਥਿਕ ਤੌਰ 'ਤੇ ਮਜ਼ਬੂਤ ਨਹੀਂ ਬਣਾ ਸਕਦਾ, ਉਨ੍ਹਾਂ ਕਿਹਾ।
ਦੇਸ਼ ਭਰ ਵਿੱਚ ਵਾਪਰ ਰਹੀਆਂ ਘਟਨਾਵਾਂ ਦਾ ਹਵਾਲਾ ਦਿੰਦੇ ਹੋਏ ਕੁਮਾਰੀ ਸੈਲਜਾ ਨੇ ਕਿਹਾ ਕਿ ਕਾਨੂੰਨ ਵਿਵਸਥਾ ਦੀ ਹਾਲਤ ਵੀ ਚਿੰਤਾਜਨਕ ਹੈ।
ਨਵੀਂ ਸਰਕਾਰ ਨੂੰ ਚਾਹੀਦਾ ਹੈ ਕਿ ਉਹ ਗਰੀਬ ਅਤੇ ਮਜ਼ਦੂਰ ਵਰਗ ਦੇ ਹਿੱਤਾਂ ਦੀ ਰਾਖੀ ਕਰੇ ਅਤੇ ਯੋਜਨਾਵਾਂ ਨੂੰ ਸਹੀ ਢੰਗ ਨਾਲ ਲਾਗੂ ਕਰੇ।
ਉਨ੍ਹਾਂ ਅੱਗੇ ਕਿਹਾ ਕਿ ਕਾਂਗਰਸ ਪਾਰਟੀ ਹਰ ਵਰਗ ਦੀ ਆਵਾਜ਼ ਬੁਲੰਦ ਕਰਦੀ ਰਹੇਗੀ ਅਤੇ ਲੋਕਾਂ ਦੇ ਹੱਕਾਂ ਲਈ ਸੰਘਰਸ਼ ਜਾਰੀ ਰੱਖੇਗੀ।
ਸੂਬੇ ਦੀ ਸਰਕਾਰ ਉੱਤੇ ਵੀ ਉਨ੍ਹਾਂ ਨੇ ਵਾਅਦੇ ਪੂਰੇ ਨਾ ਕਰਨ ਦਾ ਦੋਸ਼ ਲਾਇਆ ਅਤੇ ਕਿਹਾ ਕਿ ਵਿਕਾਸ ਸਿਰਫ਼ ਕਾਗਜ਼ਾਂ ਤੱਕ ਸੀਮਤ ਹੈ।
ਉਨ੍ਹਾਂ ਕਿਹਾ ਕਿ ਮਨਰੇਗਾ ਨੇ ਪੇਂਡੂ ਖੇਤਰਾਂ ਵਿੱਚ ਕਰੋੜਾਂ ਲੋਕਾਂ ਨੂੰ ਰੁਜ਼ਗਾਰ ਦਿੱਤਾ ਹੈ ਅਤੇ ਸੰਕਟ ਦੇ ਸਮੇਂ ਇਹ ਯੋਜਨਾ ਗਰੀਬਾਂ ਲਈ ਸਹਾਰਾ ਬਣੀ ਸੀ।
ਉਨ੍ਹਾਂ ਕਿਹਾ ਕਿ ਮਨਰੇਗਾ ਤਹਿਤ 100 ਦਿਨ ਦਾ ਰੁਜ਼ਗਾਰ ਯਕੀਨੀ ਬਣਾਉਣ ਦੀ ਥਾਂ ਸਰਕਾਰ ਨੇ ਕੰਮ ਦੇ ਦਿਨ ਘਟਾ ਦਿੱਤੇ ਹਨ।
ਦੇਸ਼ ਭਰ ਵਿੱਚ ਵਾਪਰ ਰਹੀਆਂ ਘਟਨਾਵਾਂ ਦਾ ਹਵਾਲਾ ਦਿੰਦੇ ਹੋਏ ਕੁਮਾਰੀ ਸੈਲਜਾ ਨੇ ਕਿਹਾ ਕਿ ਕਾਨੂੰਨ ਵਿਵਸਥਾ ਦੀ ਹਾਲਤ ਵੀ ਚਿੰਤਾਜਨਕ ਹੈ।
ਸੁਧੀਰ ਜੋਸ਼ਵਾਲ ਸਮੇਤ ਵੱਡੀ ਗਿਣਤੀ ਵਿੱਚ ਆਗੂ ਅਤੇ ਵਰਕਰ ਮੌਜੂਦ ਸਨ।
'ਸਾਡੇ ਬਜ਼ੁਰਗ, ਸਾਡਾ ਮਾਣ' ਤਹਿਤ ਐੱਸ.ਏ.ਐੱਸ. ਨਗਰ ਵਿਖੇ ਅੱਜ ਮਨਾਇਆ ਜਾਵੇਗਾ ਰਾਜ ਪੱਧਰੀ 'ਸੀਨੀਅਰ ਸਿਟੀਜ਼ਨ ਦਿਵਸ': ਡਿਪਟੀ ਕਮਿਸ਼ਨਰ ਕੋਮਲ ਮਿੱਤਲ
ਸਾਹਿਬਜ਼ਾਦਾ ਅਜੀਤ ਸਿੰਘ ਨਗਰ, 15 ਜਨਵਰੀ (ਪੈਗ਼ਾਮ-ਏ-ਜਗਤ)
ਮੁੱਖ ਮੰਤਰੀ ਭਗਵੰਤ ਸਿੰਘ ਮਾਨ ਦੀ ਅਗਵਾਈ ਹੇਠ ਪੰਜਾਬ ਸਰਕਾਰ ਵੱਲੋਂ 'ਸਾਡੇ ਬਜ਼ੁਰਗ, ਸਾਡਾ ਮਾਣ' ਤਹਿਤ ਰਾਜ ਪੱਧਰੀ ਸੀਨੀਅਰ ਸਿਟੀਜ਼ਨ ਦਿਵਸ 16 ਜਨਵਰੀ 2026 ਨੂੰ ਸਵੇਰੇ 10 ਵਜੇ ਮਨਾਇਆ ਜਾਵੇਗਾ।
ਡਿਪਟੀ ਕਮਿਸ਼ਨਰ ਕੋਮਲ ਮਿੱਤਲ ਨੇ ਦੱਸਿਆ ਕਿ ਸਮਾਜਿਕ ਸੁਰੱਖਿਆ, ਇਸਤਰੀ ਤੇ ਬਾਲ ਵਿਕਾਸ ਮੰਤਰੀ ਡਾ. ਬਲਜੀਤ ਕੌਰ ਇਸ ਸਮਾਗਮ ਵਿੱਚ ਮੁੱਖ ਮਹਿਮਾਨ ਵਜੋਂ ਸ਼ਾਮਲ ਹੋਣਗੇ।
ਇਸ ਮੌਕੇ ਬਹੁ-ਮੰਤਵੀ ਸੇਵਾ ਕੈਂਪਾਂ ਦੀ ਸ਼ੁਰੂਆਤ ਕੀਤੀ ਜਾਵੇਗੀ ਜਿੱਥੇ ਬਜ਼ੁਰਗਾਂ ਨੂੰ ਸਿਹਤ ਜਾਂਚ ਤੋਂ ਲੈ ਕੇ ਵੱਖ-ਵੱਖ ਸਰਕਾਰੀ ਸੇਵਾਵਾਂ ਇੱਕੋ ਥਾਂ ਉੱਤੇ ਮੁਹੱਈਆ ਕਰਵਾਈਆਂ ਜਾਣਗੀਆਂ।
ਲੋੜਵੰਦ ਬਜ਼ੁਰਗਾਂ ਨੂੰ ਮੌਕੇ ਉੱਤੇ ਹੀ ਸਹਾਇਕ ਉਪਕਰਣ ਜਿਵੇਂ ਵ੍ਹੀਲਚੇਅਰ, ਵਾਕਰ, ਸੁਣਨ ਵਾਲੀਆਂ ਮਸ਼ੀਨਾਂ ਅਤੇ ਐਨਕਾਂ ਵੰਡੀਆਂ ਜਾਣਗੀਆਂ।
ਡਿਪਟੀ ਕਮਿਸ਼ਨਰ ਨੇ ਕਿਹਾ ਕਿ ਬਜ਼ੁਰਗਾਂ ਦੇ ਤਜਰਬੇ ਅਤੇ ਯੋਗਦਾਨ ਨੂੰ ਸਨਮਾਨ ਦੇਣਾ ਸਮੁੱਚੇ ਸਮਾਜ ਦੀ ਜ਼ਿੰਮੇਵਾਰੀ ਹੈ।
• ਕੈਬਨਿਟ ਮੰਤਰੀ ਡਾ. ਬਲਜੀਤ ਕੌਰ ਕਰਵਾਉਣਗੇ ਬਹੁ-ਮੰਤਵੀ ਸੇਵਾ ਕੈਂਪਾਂ ਦੀ ਸ਼ੁਰੂਆਤ
• ਲੋੜਵੰਦਾਂ ਨੂੰ ਮੌਕੇ 'ਤੇ ਵੰਡੇ ਜਾਣਗੇ ਸਹਾਇਕ ਉਪਕਰਣ
ਉਨ੍ਹਾਂ ਅਪੀਲ ਕੀਤੀ ਕਿ ਜ਼ਿਲ੍ਹੇ ਦੇ ਵੱਧ ਤੋਂ ਵੱਧ ਬਜ਼ੁਰਗ ਇਸ ਸਮਾਗਮ ਵਿੱਚ ਸ਼ਾਮਲ ਹੋ ਕੇ ਇਸ ਨੂੰ ਸਫਲ ਬਣਾਉਣ।
ਵੱਖ-ਵੱਖ ਵਿਭਾਗਾਂ ਦੇ ਸਟਾਲ ਵੀ ਲਗਾਏ ਜਾਣਗੇ ਜਿੱਥੇ ਸਰਕਾਰੀ ਯੋਜਨਾਵਾਂ ਬਾਰੇ ਜਾਣਕਾਰੀ ਦਿੱਤੀ ਜਾਵੇਗੀ ਅਤੇ ਮੌਕੇ ਉੱਤੇ ਹੀ ਫਾਰਮ ਭਰੇ ਜਾਣਗੇ।
ਪ੍ਰਬੰਧਾਂ ਨੂੰ ਅੰਤਿਮ ਰੂਪ ਦੇਣ ਲਈ ਸਬੰਧਤ ਅਧਿਕਾਰੀਆਂ ਨਾਲ ਮੀਟਿੰਗ ਕੀਤੀ ਗਈ ਅਤੇ ਜ਼ਰੂਰੀ ਹਦਾਇਤਾਂ ਜਾਰੀ ਕੀਤੀਆਂ ਗਈਆਂ।
ਸਮਾਗਮ ਵਾਲੀ ਥਾਂ ਉੱਤੇ ਬੈਠਣ, ਪੀਣ ਵਾਲੇ ਪਾਣੀ, ਪਾਰਕਿੰਗ ਅਤੇ ਮੈਡੀਕਲ ਟੀਮ ਦੇ ਪੁਖਤਾ ਇੰਤਜ਼ਾਮ ਕੀਤੇ ਗਏ ਹਨ।
ਇਸ ਮੌਕੇ ਬਹੁ-ਮੰਤਵੀ ਸੇਵਾ ਕੈਂਪਾਂ ਦੀ ਸ਼ੁਰੂਆਤ ਕੀਤੀ ਜਾਵੇਗੀ ਜਿੱਥੇ ਬਜ਼ੁਰਗਾਂ ਨੂੰ ਸਿਹਤ ਜਾਂਚ ਤੋਂ ਲੈ ਕੇ ਵੱਖ-ਵੱਖ ਸਰਕਾਰੀ ਸੇਵਾਵਾਂ ਇੱਕੋ ਥਾਂ ਉੱਤੇ ਮੁਹੱਈਆ ਕਰਵਾਈਆਂ ਜਾਣਗੀਆਂ।
ਲੋੜਵੰਦ ਬਜ਼ੁਰਗਾਂ ਨੂੰ ਮੌਕੇ ਉੱਤੇ ਹੀ ਸਹਾਇਕ ਉਪਕਰਣ ਜਿਵੇਂ ਵ੍ਹੀਲਚੇਅਰ, ਵਾਕਰ, ਸੁਣਨ ਵਾਲੀਆਂ ਮਸ਼ੀਨਾਂ ਅਤੇ ਐਨਕਾਂ ਵੰਡੀਆਂ ਜਾਣਗੀਆਂ।
ਉਨ੍ਹਾਂ ਅਪੀਲ ਕੀਤੀ ਕਿ ਜ਼ਿਲ੍ਹੇ ਦੇ ਵੱਧ ਤੋਂ ਵੱਧ ਬਜ਼ੁਰਗ ਇਸ ਸਮਾਗਮ ਵਿੱਚ ਸ਼ਾਮਲ ਹੋ ਕੇ ਇਸ ਨੂੰ ਸਫਲ ਬਣਾਉਣ।
ਵੱਖ-ਵੱਖ ਵਿਭਾਗਾਂ ਦੇ ਸਟਾਲ ਵੀ ਲਗਾਏ ਜਾਣਗੇ ਜਿੱਥੇ ਸਰਕਾਰੀ ਯੋਜਨਾਵਾਂ ਬਾਰੇ ਜਾਣਕਾਰੀ ਦਿੱਤੀ ਜਾਵੇਗੀ ਅਤੇ ਮੌਕੇ ਉੱਤੇ ਹੀ ਫਾਰਮ ਭਰੇ ਜਾਣਗੇ।
ਸਮਾਗਮ ਵਾਲੀ ਥਾਂ ਉੱਤੇ ਬੈਠਣ, ਪੀਣ ਵਾਲੇ ਪਾਣੀ, ਪਾਰਕਿੰਗ ਅਤੇ ਮੈਡੀਕਲ ਟੀਮ ਦੇ ਪੁਖਤਾ ਇੰਤਜ਼ਾਮ ਕੀਤੇ ਗਏ ਹਨ।
ਬਸਪਾ ਨੇ ਗੜ੍ਹਸ਼ੰਕਰ 'ਚ ਵੱਡੀ ਰੈਲੀ ਕਰਕੇ ਮਾਇਆਵਤੀ ਦਾ ਜਨਮ ਦਿਨ 'ਜਨ ਕਲਿਆਣ ਦਿਵਸ' ਵਜੋਂ ਮਨਾਇਆ
ਪੈਗ਼ਾਮ-ਏ-ਜਗਤ ਗੜ੍ਹਸ਼ੰਕਰ (ਬਲਜਿੰਦਰ ਅਜਨੌਰ)
ਬਹੁਜਨ ਸਮਾਜ ਪਾਰਟੀ ਵੱਲੋਂ ਗੜ੍ਹਸ਼ੰਕਰ ਵਿੱਚ ਵੱਡੀ ਰੈਲੀ ਕਰਕੇ ਪਾਰਟੀ ਸੁਪਰੀਮੋ ਭੈਣ ਕੁਮਾਰੀ ਮਾਇਆਵਤੀ ਦਾ ਜਨਮ ਦਿਨ 'ਜਨ ਕਲਿਆਣ ਦਿਵਸ' ਵਜੋਂ ਮਨਾਇਆ ਗਿਆ।
ਇਸ ਮੌਕੇ ਪੰਜਾਬ ਦੇ ਸੂਬਾ ਪ੍ਰਧਾਨ ਅਵਤਾਰ ਸਿੰਘ ਕਰੀਮਪੁਰੀ ਨੇ ਕਿਹਾ ਕਿ 2027 ਵਿੱਚ ਪੰਜਾਬ ਦੀ ਸਿਆਸਤ ਵਿੱਚ ਵੱਡਾ ਉਲਟਫੇਰ ਹੋਵੇਗਾ।
ਉਨ੍ਹਾਂ ਦਾਅਵਾ ਕੀਤਾ ਕਿ ਆਉਣ ਵਾਲੀ ਸਰਕਾਰ ਦਾ ਰਿਮੋਟ ਕੰਟਰੋਲ ਬਸਪਾ ਦੇ ਹੱਥ ਵਿੱਚ ਹੋਵੇਗਾ ਅਤੇ ਪਾਰਟੀ ਹਰ ਹਲਕੇ ਵਿੱਚ ਮਜ਼ਬੂਤੀ ਨਾਲ ਚੋਣ ਲੜੇਗੀ।
ਕਰੀਮਪੁਰੀ ਨੇ ਕਿਹਾ ਕਿ ਦਲਿਤ, ਪਛੜੇ ਅਤੇ ਗਰੀਬ ਵਰਗ ਦੇ ਲੋਕਾਂ ਨੂੰ ਉਨ੍ਹਾਂ ਦਾ ਬਣਦਾ ਹੱਕ ਦਿਵਾਉਣ ਲਈ ਬਸਪਾ ਲਗਾਤਾਰ ਸੰਘਰਸ਼ ਕਰ ਰਹੀ ਹੈ।
• 2027 'ਚ ਪੰਜਾਬ ਦੀ ਸਰਕਾਰ ਵਿੱਚ ਹੋਵੇਗਾ ਵੱਡਾ ਉਲਟਫੇਰ, ਬਸਪਾ ਪਾਸ ਹੋਵੇਗਾ ਸਰਕਾਰ ਦਾ ਰਿਮੋਟ ਕੰਟਰੋਲ: ਕਰੀਮਪੁਰੀ
ਉਨ੍ਹਾਂ ਮੌਜੂਦਾ ਸਰਕਾਰ ਉੱਤੇ ਵਾਅਦੇ ਪੂਰੇ ਨਾ ਕਰਨ ਦਾ ਦੋਸ਼ ਲਾਉਂਦਿਆਂ ਕਿਹਾ ਕਿ ਲੋਕ ਹੁਣ ਬਦਲਾਅ ਚਾਹੁੰਦੇ ਹਨ।
ਰੈਲੀ ਵਿੱਚ ਵੱਖ-ਵੱਖ ਜ਼ਿਲ੍ਹਿਆਂ ਤੋਂ ਵੱਡੀ ਗਿਣਤੀ ਵਿੱਚ ਵਰਕਰ ਅਤੇ ਸਮਰਥਕ ਪਹੁੰਚੇ ਜਿਨ੍ਹਾਂ ਨੇ ਨਾਅਰੇਬਾਜ਼ੀ ਕੀਤੀ।
ਬੁਲਾਰਿਆਂ ਨੇ ਕਿਹਾ ਕਿ ਭੈਣ ਮਾਇਆਵਤੀ ਨੇ ਸਮਾਜ ਦੇ ਦੱਬੇ-ਕੁਚਲੇ ਵਰਗਾਂ ਨੂੰ ਸਿਆਸੀ ਤਾਕਤ ਦਿਵਾਈ ਹੈ।
ਇਸ ਮੌਕੇ ਨਵੇਂ ਅਹੁਦੇਦਾਰਾਂ ਦੀ ਨਿਯੁਕਤੀ ਵੀ ਕੀਤੀ ਗਈ ਅਤੇ ਉਨ੍ਹਾਂ ਨੂੰ ਸਨਮਾਨਿਤ ਕੀਤਾ ਗਿਆ।
ਪਾਰਟੀ ਆਗੂਆਂ ਨੇ ਐਲਾਨ ਕੀਤਾ ਕਿ ਆਉਣ ਵਾਲੇ ਮਹੀਨਿਆਂ ਵਿੱਚ ਪੰਜਾਬ ਭਰ ਵਿੱਚ ਰੈਲੀਆਂ ਕੀਤੀਆਂ ਜਾਣਗੀਆਂ।
ਅੰਤ ਵਿੱਚ ਲੰਗਰ ਵੀ ਵਰਤਾਇਆ ਗਿਆ ਅਤੇ ਸਾਰਿਆਂ ਦਾ ਧੰਨਵਾਦ ਕੀਤਾ ਗਿਆ।
ਉਨ੍ਹਾਂ ਦਾਅਵਾ ਕੀਤਾ ਕਿ ਆਉਣ ਵਾਲੀ ਸਰਕਾਰ ਦਾ ਰਿਮੋਟ ਕੰਟਰੋਲ ਬਸਪਾ ਦੇ ਹੱਥ ਵਿੱਚ ਹੋਵੇਗਾ ਅਤੇ ਪਾਰਟੀ ਹਰ ਹਲਕੇ ਵਿੱਚ ਮਜ਼ਬੂਤੀ ਨਾਲ ਚੋਣ ਲੜੇਗੀ।
ਭਗਵਾਨ ਮਹਾਂਵੀਰ ਸੇਤੂ ਨੇੜੇ ਸਬਜ਼ੀ ਵਿਕਰੇਤਾਵਾਂ ਦੀ ਰੋਜ਼ੀ-ਰੋਟੀ ਦੀ ਰੱਖਿਆ ਕਰਨਾ ਪ੍ਰਸ਼ਾਸਨ ਦੀ ਜ਼ਿੰਮੇਵਾਰੀ ਹੈ: ਤੀਕਸ਼ਣ ਸੂਦ
ਪੈਗ਼ਾਮ-ਏ-ਜਗਤ ਹੁਸ਼ਿਆਰਪੁਰ (ਰਜਨੀਸ਼ ਅਜਨੌਰ)
ਸਾਬਕਾ ਕੈਬਨਿਟ ਮੰਤਰੀ ਤੀਕਸ਼ਣ ਸੂਦ ਨੇ ਕਿਹਾ ਕਿ ਭਗਵਾਨ ਮਹਾਂਵੀਰ ਸੇਤੂ ਨੇੜੇ ਸਬਜ਼ੀ ਵਿਕਰੇਤਾਵਾਂ ਦੀ ਰੋਜ਼ੀ-ਰੋਟੀ ਦੀ ਰੱਖਿਆ ਕਰਨਾ ਪ੍ਰਸ਼ਾਸਨ ਦੀ ਜ਼ਿੰਮੇਵਾਰੀ ਹੈ।
ਉਨ੍ਹਾਂ ਕਿਹਾ ਕਿ ਇਹ ਛੋਟੇ ਦੁਕਾਨਦਾਰ ਪਿਛਲੇ 25-30 ਸਾਲਾਂ ਤੋਂ ਇੱਥੇ ਸਬਜ਼ੀ ਵੇਚ ਕੇ ਆਪਣੇ ਪਰਿਵਾਰਾਂ ਦਾ ਪਾਲਣ-ਪੋਸ਼ਣ ਕਰ ਰਹੇ ਹਨ।
ਸੂਦ ਨੇ ਕਿਹਾ ਕਿ ਕਿਸੇ ਵੀ ਕਾਰਵਾਈ ਤੋਂ ਪਹਿਲਾਂ ਇਨ੍ਹਾਂ ਲਈ ਬਦਲਵੀਂ ਥਾਂ ਦਾ ਪ੍ਰਬੰਧ ਕਰਨਾ ਜ਼ਰੂਰੀ ਹੈ ਤਾਂ ਜੋ ਕਿਸੇ ਦਾ ਰੁਜ਼ਗਾਰ ਨਾ ਖੁੱਸੇ।
ਉਨ੍ਹਾਂ ਨਗਰ ਨਿਗਮ ਅਧਿਕਾਰੀਆਂ ਨੂੰ ਅਪੀਲ ਕੀਤੀ ਕਿ ਮਾਨਵੀ ਪਹੁੰਚ ਅਪਣਾਉਂਦਿਆਂ ਇਸ ਮਸਲੇ ਦਾ ਹੱਲ ਕੱਢਿਆ ਜਾਵੇ।
ਵਿਕਰੇਤਾਵਾਂ ਨੇ ਵੀ ਆਪਣੀ ਸਮੱਸਿਆ ਦੱਸਦਿਆਂ ਕਿਹਾ ਕਿ ਉਨ੍ਹਾਂ ਕੋਲ ਹੋਰ ਕੋਈ ਰੋਜ਼ਗਾਰ ਦਾ ਸਾਧਨ ਨਹੀਂ ਹੈ।
ਸੂਦ ਨੇ ਭਰੋਸਾ ਦਿਵਾਇਆ ਕਿ ਉਹ ਇਸ ਮਾਮਲੇ ਨੂੰ ਉੱਚ ਅਧਿਕਾਰੀਆਂ ਕੋਲ ਉਠਾਉਣਗੇ ਅਤੇ ਹੱਲ ਕਰਵਾਉਣ ਦੀ ਪੂਰੀ ਕੋਸ਼ਿਸ਼ ਕਰਨਗੇ।
ਉਨ੍ਹਾਂ ਕਿਹਾ ਕਿ ਸ਼ਹਿਰ ਦੀ ਸੁੰਦਰਤਾ ਅਤੇ ਆਵਾਜਾਈ ਦਾ ਧਿਆਨ ਰੱਖਣਾ ਵੀ ਜ਼ਰੂਰੀ ਹੈ ਪਰ ਗਰੀਬਾਂ ਦਾ ਚੁੱਲ੍ਹਾ ਨਹੀਂ ਬੁਝਣਾ ਚਾਹੀਦਾ।
ਇਸ ਮੌਕੇ ਵੱਡੀ ਗਿਣਤੀ ਵਿੱਚ ਦੁਕਾਨਦਾਰ ਅਤੇ ਸਥਾਨਕ ਵਸਨੀਕ ਮੌਜੂਦ ਸਨ।
ਪ੍ਰਸ਼ਾਸਨ ਵੱਲੋਂ ਭਰੋਸਾ ਦਿੱਤਾ ਗਿਆ ਕਿ ਮਾਮਲੇ ਉੱਤੇ ਹਮਦਰਦੀ ਨਾਲ ਵਿਚਾਰ ਕੀਤਾ ਜਾਵੇਗਾ।
ਸੂਦ ਨੇ ਕਿਹਾ ਕਿ ਕਿਸੇ ਵੀ ਕਾਰਵਾਈ ਤੋਂ ਪਹਿਲਾਂ ਇਨ੍ਹਾਂ ਲਈ ਬਦਲਵੀਂ ਥਾਂ ਦਾ ਪ੍ਰਬੰਧ ਕਰਨਾ ਜ਼ਰੂਰੀ ਹੈ ਤਾਂ ਜੋ ਕਿਸੇ ਦਾ ਰੁਜ਼ਗਾਰ ਨਾ ਖੁੱਸੇ।
ਕਰੀਮਪੁਰੀ ਨੇ ਕਿਹਾ ਕਿ ਦਲਿਤ, ਪਛੜੇ ਅਤੇ ਗਰੀਬ ਵਰਗ ਦੇ ਲੋਕਾਂ ਨੂੰ ਉਨ੍ਹਾਂ ਦਾ ਬਣਦਾ ਹੱਕ ਦਿਵਾਉਣ ਲਈ ਬਸਪਾ ਲਗਾਤਾਰ ਸੰਘਰਸ਼ ਕਰ ਰਹੀ ਹੈ।
ਉਨ੍ਹਾਂ ਮੌਜੂਦਾ ਸਰਕਾਰ ਉੱਤੇ ਵਾਅਦੇ ਪੂਰੇ ਨਾ ਕਰਨ ਦਾ ਦੋਸ਼ ਲਾਉਂਦਿਆਂ ਕਿਹਾ ਕਿ ਲੋਕ ਹੁਣ ਬਦਲਾਅ ਚਾਹੁੰਦੇ ਹਨ।
ਰੈਲੀ ਵਿੱਚ ਵੱਖ-ਵੱਖ ਜ਼ਿਲ੍ਹਿਆਂ ਤੋਂ ਵੱਡੀ ਗਿਣਤੀ ਵਿੱਚ ਵਰਕਰ ਅਤੇ ਸਮਰਥਕ ਪਹੁੰਚੇ ਜਿਨ੍ਹਾਂ ਨੇ ਨਾਅਰੇਬਾਜ਼ੀ ਕੀਤੀ।
ਬੁਲਾਰਿਆਂ ਨੇ ਕਿਹਾ ਕਿ ਭੈਣ ਮਾਇਆਵਤੀ ਨੇ ਸਮਾਜ ਦੇ ਦੱਬੇ-ਕੁਚਲੇ ਵਰਗਾਂ ਨੂੰ ਸਿਆਸੀ ਤਾਕਤ ਦਿਵਾਈ ਹੈ।
ਇਸ ਮੌਕੇ ਨਵੇਂ ਅਹੁਦੇਦਾਰਾਂ ਦੀ ਨਿਯੁਕਤੀ ਵੀ ਕੀਤੀ ਗਈ ਅਤੇ ਉਨ੍ਹਾਂ ਨੂੰ ਸਨਮਾਨਿਤ ਕੀਤਾ ਗਿਆ।
ਪਾਰਟੀ ਆਗੂਆਂ ਨੇ ਐਲਾਨ ਕੀਤਾ ਕਿ ਆਉਣ ਵਾਲੇ ਮਹੀਨਿਆਂ ਵਿੱਚ ਪੰਜਾਬ ਭਰ ਵਿੱਚ ਰੈਲੀਆਂ ਕੀਤੀਆਂ ਜਾਣਗੀਆਂ।
ਜਸਵਿੰਦਰ ਸਿੰਘ ਕਾਇਨੌਰ ਦੀ ਨਿਵੇਕਲੀ ਪੁਸਤਕ "ਆਕਾਸ਼ਵਾਣੀ ਦੇ ਸਾਹਿਤਕ ਸਿਤਾਰੇ" ਦਾ ਲੋਕ ਅਰਪਣ 18 ਜਨਵਰੀ ਨੂੰ
ਖਰੜ, 15 ਜਨਵਰੀ (ਪੈਗ਼ਾਮ-ਏ-ਜਗਤ)
ਪੰਜਾਬੀ ਸਾਹਿਤ ਜਗਤ ਵਿੱਚ ਇੱਕ ਨਿਵੇਕਲੀ ਪੁਸਤਕ 'ਆਕਾਸ਼ਵਾਣੀ ਦੇ ਸਾਹਿਤਕ ਸਿਤਾਰੇ' ਦਾ ਲੋਕ ਅਰਪਣ ਸਮਾਗਮ 18.01.2026 ਨੂੰ ਹੋ ਰਿਹਾ ਹੈ। ਇਹ ਪੁਸਤਕ ਜਸਵਿੰਦਰ ਸਿੰਘ ਕਾਇਨੌਰ ਵੱਲੋਂ ਲਿਖੀ ਗਈ ਹੈ।
ਸਰਪ੍ਰਸਤ ਡਾ. ਹਰਨੇਕ ਸਿੰਘ ਕਲੇਰ ਨੇ ਦੱਸਿਆ ਕਿ ਸਮਾਗਮ ਵਿੱਚ ਪੰਜਾਬੀ ਸਾਹਿਤ ਅਤੇ ਪੱਤਰਕਾਰੀ ਨਾਲ ਜੁੜੀਆਂ ਕਈ ਉੱਘੀਆਂ ਸ਼ਖਸੀਅਤਾਂ ਸ਼ਾਮਲ ਹੋਣਗੀਆਂ।
ਸਰਪ੍ਰਸਤ ਡਾ. ਹਰਨੇਕ ਸਿੰਘ ਕਲੇਰ ਨੇ ਦੱਸਿਆ ਕਿ ਸਮਾਗਮ ਵਿੱਚ ਪੰਜਾਬੀ ਸਾਹਿਤ ਅਤੇ ਪੱਤਰਕਾਰੀ ਨਾਲ ਜੁੜੀਆਂ ਕਈ ਉੱਘੀਆਂ ਸ਼ਖਸੀਅਤਾਂ ਸ਼ਾਮਲ ਹੋਣਗੀਆਂ।
ਪੁਸਤਕ ਵਿੱਚ ਆਕਾਸ਼ਵਾਣੀ ਨਾਲ ਜੁੜੇ ਉਨ੍ਹਾਂ ਸਾਹਿਤਕਾਰਾਂ ਦੀ ਜੀਵਨੀ ਅਤੇ ਯੋਗਦਾਨ ਬਾਰੇ ਵਿਸਥਾਰ ਨਾਲ ਚਾਨਣਾ ਪਾਇਆ ਗਿਆ ਹੈ।
ਡਾ. ਗੁਰਵਿੰਦਰ ਸਿੰਘ ਬਲਾੜਾ, ਪ੍ਰੋ. ਮੋਹਨ ਸਿੰਘ ਅਤੇ ਹੋਰ ਸਾਹਿਤਕਾਰ ਵੀ ਇਸ ਮੌਕੇ ਆਪਣੇ ਵਿਚਾਰ ਪੇਸ਼ ਕਰਨਗੇ।
ਲੇਖਕ ਨੇ ਕਿਹਾ ਕਿ ਇਹ ਪੁਸਤਕ ਖੋਜੀ ਵਿਦਿਆਰਥੀਆਂ ਅਤੇ ਸਾਹਿਤ ਪ੍ਰੇਮੀਆਂ ਲਈ ਬਹੁਤ ਲਾਭਦਾਇਕ ਸਿੱਧ ਹੋਵੇਗੀ।
ਡਾ. ਗੁਰਵਿੰਦਰ ਸਿੰਘ ਬਲਾੜਾ, ਪ੍ਰੋ. ਮੋਹਨ ਸਿੰਘ ਅਤੇ ਹੋਰ ਸਾਹਿਤਕਾਰ ਵੀ ਇਸ ਮੌਕੇ ਆਪਣੇ ਵਿਚਾਰ ਪੇਸ਼ ਕਰਨਗੇ।
ਸਮਾਗਮ ਦੌਰਾਨ ਕਵੀ ਦਰਬਾਰ ਵੀ ਕਰਵਾਇਆ ਜਾਵੇਗਾ ਜਿਸ ਵਿੱਚ ਨਾਮਵਰ ਕਵੀ ਹਿੱਸਾ ਲੈਣਗੇ।
ਪ੍ਰਬੰਧਕਾਂ ਨੇ ਸਾਹਿਤ ਪ੍ਰੇਮੀਆਂ ਨੂੰ ਵੱਧ ਤੋਂ ਵੱਧ ਗਿਣਤੀ ਵਿੱਚ ਪਹੁੰਚਣ ਦੀ ਅਪੀਲ ਕੀਤੀ ਹੈ।
